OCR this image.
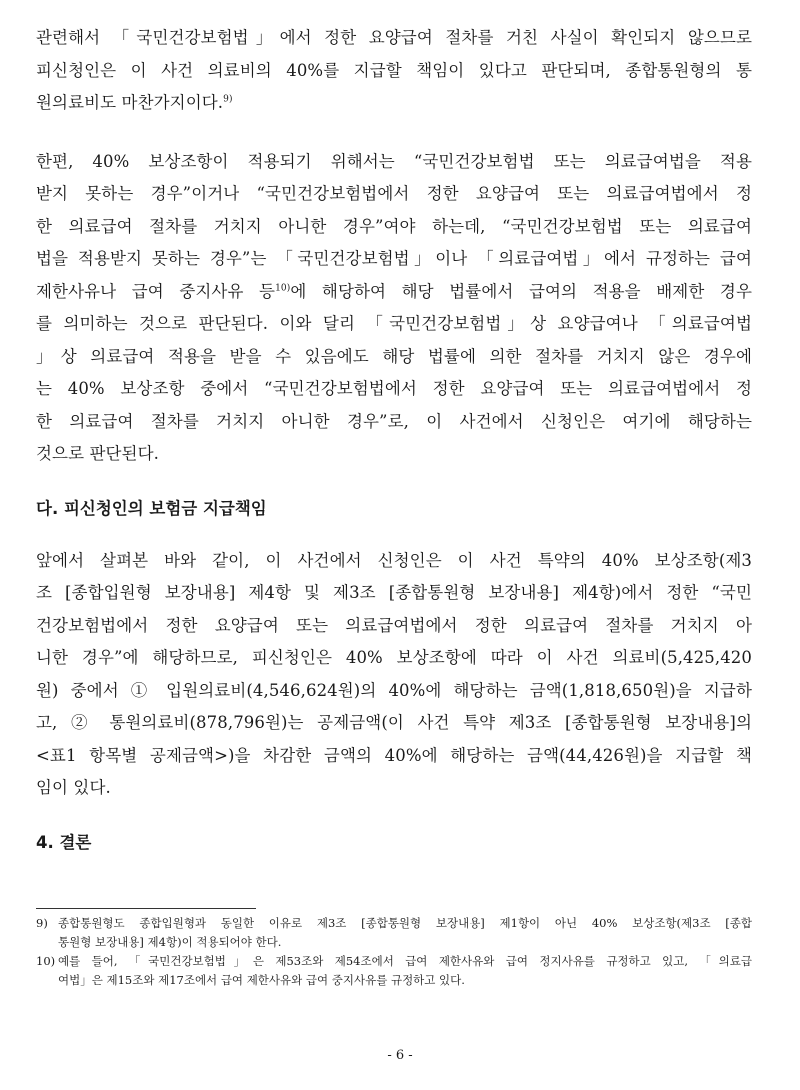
관련해서 「국민건강보험법」에서 정한 요양급여 절차를 거친 사실이 확인되지 않으므로
피신청인은 이 사건 의료비의 40%를 지급할 책임이 있다고 판단되며, 종합통원형의 통
원의료비도 마찬가지이다.$^{9)}$
한편, 40% 보상조항이 적용되기 위해서는 “국민건강보험법 또는 의료급여법을 적용
받지 못하는 경우”이거나 “국민건강보험법에서 정한 요양급여 또는 의료급여법에서 정
한 의료급여 절차를 거치지 아니한 경우”여야 하는데, “국민건강보험법 또는 의료급여
법을 적용받지 못하는 경우”는 「국민건강보험법」이나 「의료급여법」에서 규정하는 급여
제한사유나 급여 중지사유 등$^{10)}$에 해당하여 해당 법률에서 급여의 적용을 배제한 경우
를 의미하는 것으로 판단된다. 이와 달리 「국민건강보험법」상 요양급여나 「의료급여법
」상 의료급여 적용을 받을 수 있음에도 해당 법률에 의한 절차를 거치지 않은 경우에
는 40% 보상조항 중에서 “국민건강보험법에서 정한 요양급여 또는 의료급여법에서 정
한 의료급여 절차를 거치지 아니한 경우”로, 이 사건에서 신청인은 여기에 해당하는
것으로 판단된다.
다. 피신청인의 보험금 지급책임
앞에서 살펴본 바와 같이, 이 사건에서 신청인은 이 사건 특약의 40% 보상조항(제3
조 [종합입원형 보장내용] 제4항 및 제3조 [종합통원형 보장내용] 제4항)에서 정한 “국민
건강보험법에서 정한 요양급여 또는 의료급여법에서 정한 의료급여 절차를 거치지 아
니한 경우”에 해당하므로, 피신청인은 40% 보상조항에 따라 이 사건 의료비(5,425,420
원) 중에서 ① 입원의료비(4,546,624원)의 40%에 해당하는 금액(1,818,650원)을 지급하
고, ② 통원의료비(878,796원)는 공제금액(이 사건 특약 제3조 [종합통원형 보장내용]의
<표1 항목별 공제금액>)을 차감한 금액의 40%에 해당하는 금액(44,426원)을 지급할 책
임이 있다.
4. 결론
9) 종합통원형도 종합입원형과 동일한 이유로 제3조 [종합통원형 보장내용] 제1항이 아닌 40% 보상조항(제3조 [종합
통원형 보장내용] 제4항)이 적용되어야 한다.
10) 예를 들어, 「국민건강보험법」은 제53조와 제54조에서 급여 제한사유와 급여 정지사유를 규정하고 있고, 「의료급
여법」은 제15조와 제17조에서 급여 제한사유와 급여 중지사유를 규정하고 있다.
- 6 -
